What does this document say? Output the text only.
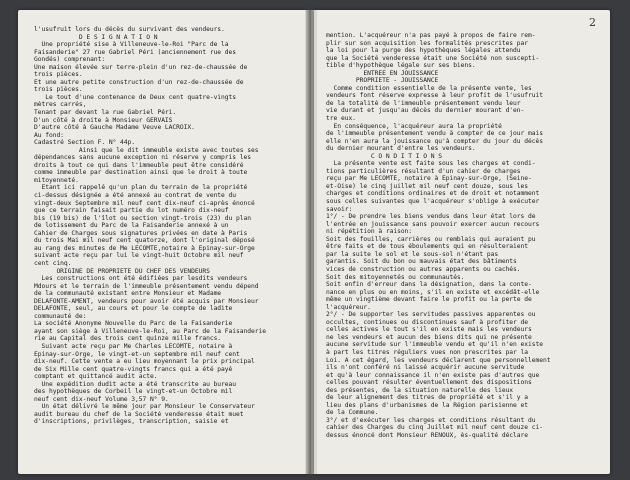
l'usufruit lors du décès du survivant des vendeurs.
D E S I G N A T I O N
Une propriété sise à Villeneuve-le-Roi "Parc de la
Faisanderie" 27 rue Gabriel Péri (anciennement rue des
Gondés) comprenant:
Une maison élevée sur terre-plein d'un rez-de-chaussée de
trois pièces.
Et une autre petite construction d'un rez-de-chaussée de
trois pièces.
Le tout d'une contenance de Deux cent quatre-vingts
mètres carrés,
Tenant par devant la rue Gabriel Péri.
D'un côté à droite à Monsieur GERVAIS
D'autre côté à Gauche Madame Veuve LACROIX.
Au fond:
Cadastré Section F. N° 44p.
Ainsi que le dit immeuble existe avec toutes ses
dépendances sans aucune exception ni réserve y compris les
droits à tout ce qui dans l'immeuble peut être considéré
comme immeuble par destination ainsi que le droit à toute
mitoyenneté.
Etant ici rappelé qu'un plan du terrain de la propriété
ci-dessus désignée a été annexé au contrat de vente du
vingt-deux Septembre mil neuf cent dix-neuf ci-après énoncé
que ce terrain faisait partie du lot numéro dix-neuf
bis (19 bis) de l'îlot ou section vingt-trois (23) du plan
de lotissement du Parc de la Faisanderie annexé à un
Cahier de Charges sous signatures privées en date à Paris
du trois Mai mil neuf cent quatorze, dont l'original déposé
au rang des minutes de Me LECOMTE,notaire à Epinay-sur-Orge
suivant acte reçu par lui le vingt-huit Octobre mil neuf
cent cinq.
ORIGINE DE PROPRIETE DU CHEF DES VENDEURS
Les constructions ont été édifiées par lesdits vendeurs
Mdours et le terrain de l'immeuble présentement vendu dépend
de la communauté existant entre Monsieur et Madame
DELAFONTE-AMENT, vendeurs pour avoir été acquis par Monsieur
DELAFONTE, seul, au cours et pour le compte de ladite
communauté de:
La société Anonyme Nouvelle du Parc de la Faisanderie
ayant son siège à Villeneuve-le-Roi, au Parc de la Faisanderie
rie au Capital des trois cent quinze mille francs.
Suivant acte reçu par Me Charles LECOMTE, notaire à
Epinay-sur-Orge, le vingt-et-un septembre mil neuf cent
dix-neuf. Cette vente a eu lieu moyennant le prix principal
de Six Mille cent quatre-vingts francs qui a été payé
comptant et quittancé audit acte.
Une expédition dudit acte a été transcrite au bureau
des hypothèques de Corbeil le vingt-et-un Octobre mil
neuf cent dix-neuf Volume 3,57 N° 9.
Un état délivré le même jour par Monsieur le Conservateur
audit bureau du chef de la Société venderesse était muet
d'inscriptions, privilèges, transcription, saisie et
2
mention. L'acquéreur n'a pas payé à propos de faire rem-
plir sur son acquisition les formalités prescrites par
la loi pour la purge des hypothèques légales attendu
que la Société venderesse était une Société non suscepti-
tible d'hypothèque légale sur ses biens.
ENTREE EN JOUISSANCE
PROPRIETE - JOUISSANCE
Comme condition essentielle de la présente vente, les
vendeurs font réserve expresse à leur profit de l'usufruit
de la totalité de l'immeuble présentement vendu leur
vie durant et jusqu'au décès du dernier mourant d'en-
tre eux.
En conséquence, l'acquéreur aura la propriété
de l'immeuble présentement vendu à compter de ce jour mais
elle n'en aura la jouissance qu'à compter du jour du décès
du dernier mourant d'entre les vendeurs.
C O N D I T I O N S
La présente vente est faite sous les charges et condi-
tions particulières résultant d'un cahier de charges
reçu par Me LECOMTE, notaire à Epinay-sur-Orge, (Seine-
et-Oise) le cinq juillet mil neuf cent douze, sous les
charges et conditions ordinaires et de droit et notamment
sous celles suivantes que l'acquéreur s'oblige à exécuter
savoir:
1°/ - De prendre les biens vendus dans leur état lors de
l'entrée en jouissance sans pouvoir exercer aucun recours
ni répétition à raison:
Soit des fouilles, carrières ou remblais qui auraient pu
être faits et de tous éboulements qui en résulteraient
par la suite le sol et le sous-sol n'étant pas
garantis. Soit du bon ou mauvais état des bâtiments
vices de construction ou autres apparents ou cachés.
Soit des mitoyennetés ou communautés.
Soit enfin d'erreur dans la désignation, dans la conte-
nance en plus ou en moins, s'il en existe et excédât-elle
même un vingtième devant faire le profit ou la perte de
l'acquéreur.
2°/ - De supporter les servitudes passives apparentes ou
occultes, continues ou discontinues sauf à profiter de
celles actives le tout s'il en existe mais les vendeurs
ne les vendeurs et aucun des biens dits qui ne présente
aucune servitude sur l'immeuble vendu et qu'il n'en existe
à part les titres réguliers vues non prescrites par la
Loi. A cet égard, les vendeurs déclarent que personnellement
ils n'ont conféré ni laissé acquérir aucune servitude
et qu'à leur connaissance il n'en existe pas d'autres que
celles pouvant résulter éventuellement des dispositions
des présentes, de la situation naturelle des lieux
de leur alignement des titres de propriété et s'il y a
lieu des plans d'urbanismes de la Région parisienne et
de la Commune.
3°/ et d'exécuter les charges et conditions résultant du
cahier des Charges du cinq Juillet mil neuf cent douze ci-
dessus énoncé dont Monsieur RENOUX, ès-qualité déclare
